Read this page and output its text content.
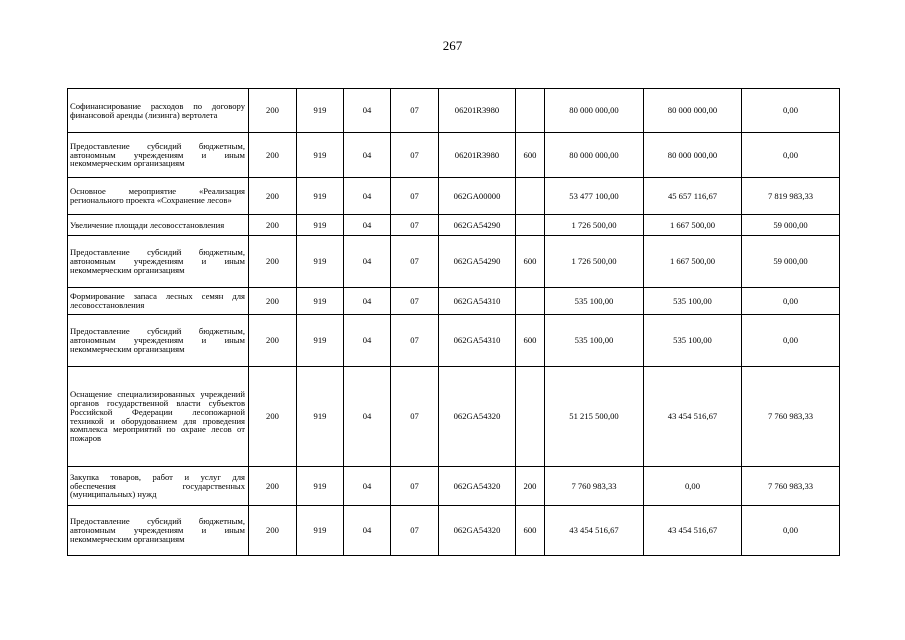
267
Софинансирование расходов по договору финансовой аренды (лизинга) вертолета	200	919	04	07	06201R3980		80 000 000,00	80 000 000,00	0,00
Предоставление субсидий бюджетным, автономным учреждениям и иным некоммерческим организациям	200	919	04	07	06201R3980	600	80 000 000,00	80 000 000,00	0,00
Основное мероприятие «Реализация регионального проекта «Сохранение лесов»	200	919	04	07	062GA00000		53 477 100,00	45 657 116,67	7 819 983,33
Увеличение площади лесовосстановления	200	919	04	07	062GA54290		1 726 500,00	1 667 500,00	59 000,00
Предоставление субсидий бюджетным, автономным учреждениям и иным некоммерческим организациям	200	919	04	07	062GA54290	600	1 726 500,00	1 667 500,00	59 000,00
Формирование запаса лесных семян для лесовосстановления	200	919	04	07	062GA54310		535 100,00	535 100,00	0,00
Предоставление субсидий бюджетным, автономным учреждениям и иным некоммерческим организациям	200	919	04	07	062GA54310	600	535 100,00	535 100,00	0,00
Оснащение специализированных учреждений органов государственной власти субъектов Российской Федерации лесопожарной техникой и оборудованием для проведения комплекса мероприятий по охране лесов от пожаров	200	919	04	07	062GA54320		51 215 500,00	43 454 516,67	7 760 983,33
Закупка товаров, работ и услуг для обеспечения государственных (муниципальных) нужд	200	919	04	07	062GA54320	200	7 760 983,33	0,00	7 760 983,33
Предоставление субсидий бюджетным, автономным учреждениям и иным некоммерческим организациям	200	919	04	07	062GA54320	600	43 454 516,67	43 454 516,67	0,00
